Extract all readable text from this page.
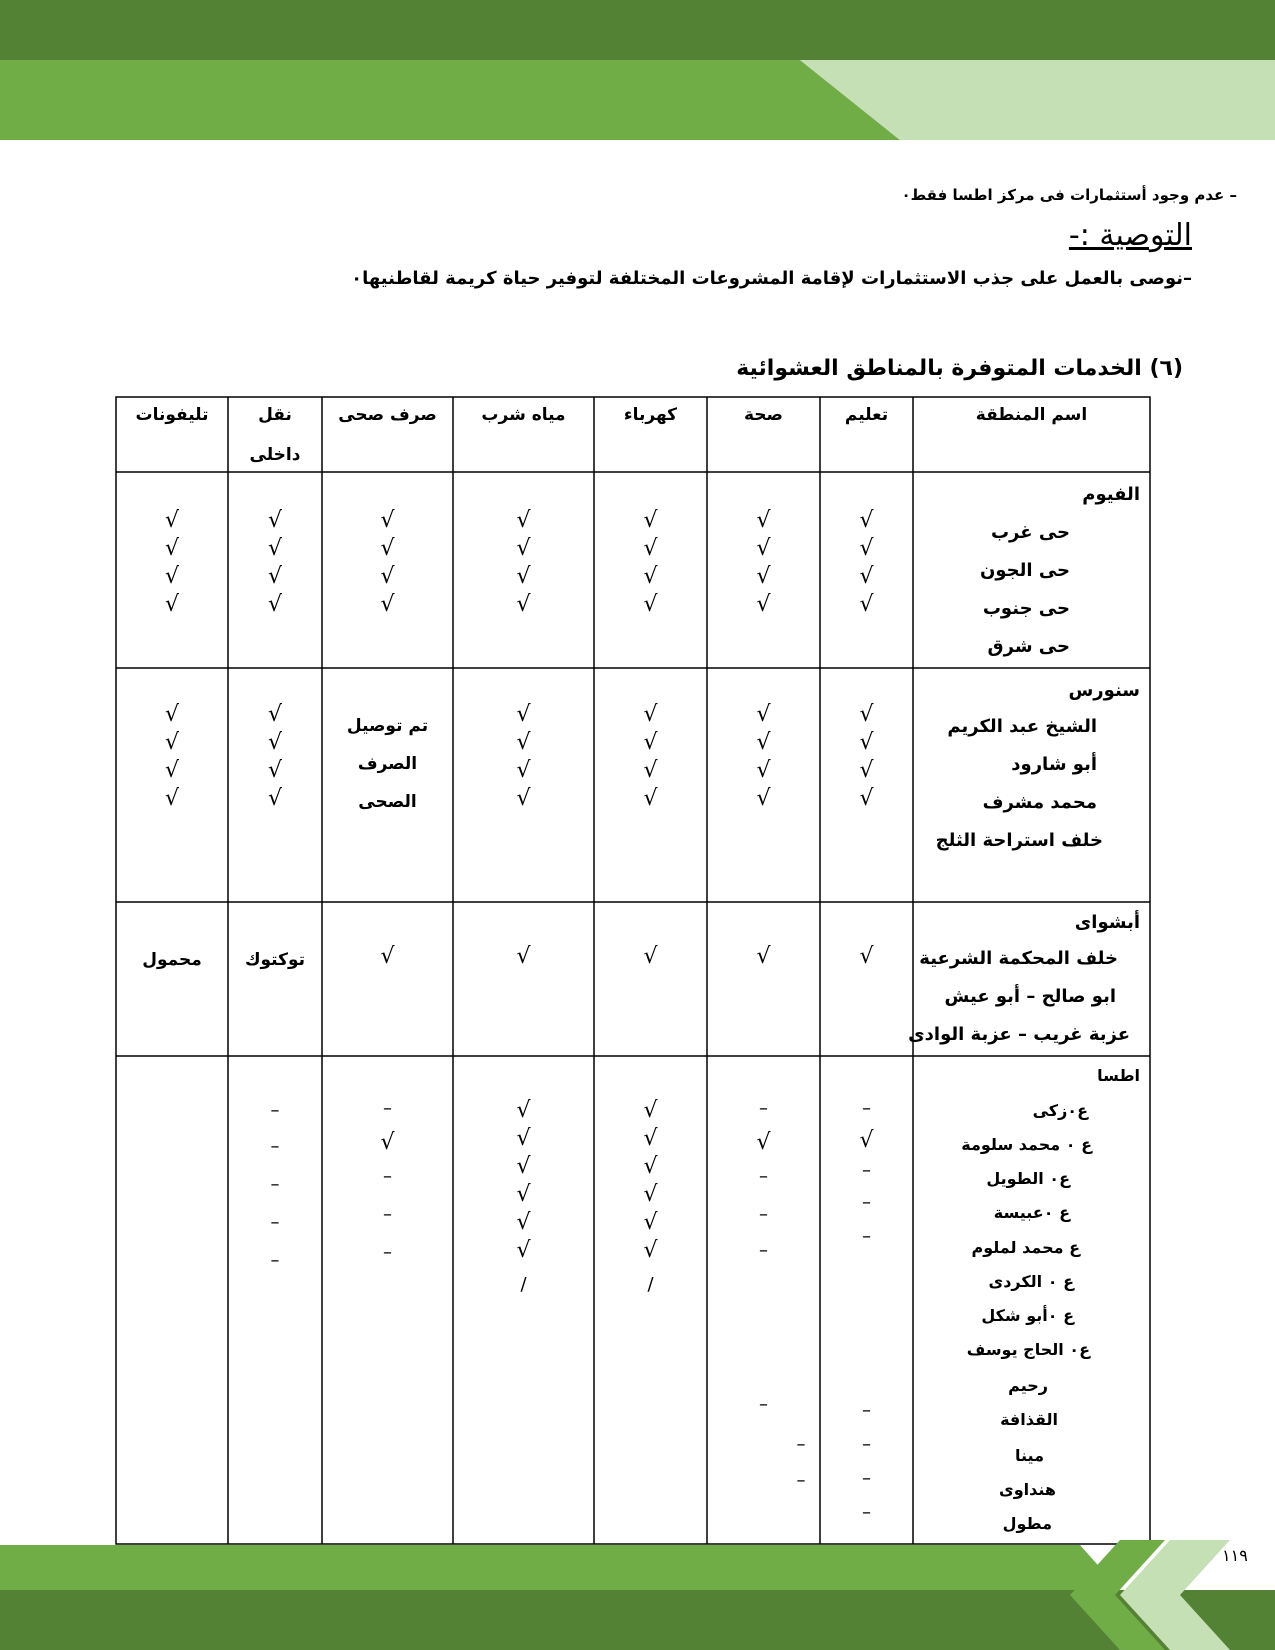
– عدم وجود أستثمارات فى مركز اطسا فقط٠
التوصية :-
–نوصى بالعمل على جذب الاستثمارات لإقامة المشروعات المختلفة لتوفير حياة كريمة لقاطنيها٠
(٦) الخدمات المتوفرة بالمناطق العشوائية
اسم المنطقة
تعليم
صحة
كهرباء
مياه شرب
صرف صحى
نقل
داخلى
تليفونات
الفيوم
حى غرب
حى الجون
حى جنوب
حى شرق
√
√
√
√
√
√
√
√
√
√
√
√
√
√
√
√
√
√
√
√
√
√
√
√
√
√
√
√
سنورس
الشيخ عبد الكريم
أبو شارود
محمد مشرف
خلف استراحة الثلج
√
√
√
√
√
√
√
√
√
√
√
√
√
√
√
√
√
√
√
√
√
√
√
√
تم توصيل
الصرف
الصحى
أبشواى
خلف المحكمة الشرعية
ابو صالح – أبو عيش
عزبة غريب – عزبة الوادى
√
√
√
√
√
توكتوك
محمول
اطسا
ع٠زكى
ع ٠ محمد سلومة
ع٠ الطويل
ع ٠عبيسة
ع محمد لملوم
ع ٠ الكردى
ع ٠أبو شكل
ع٠ الحاج يوسف
رحيم
القذافة
مينا
هنداوى
مطول
–
√
–
–
–
–
–
–
–
–
√
–
–
–
–
–
–
√
√
√
√
√
√
√
√
√
√
√
√
/
/
–
√
–
–
–
–
–
–
–
–
١١٩
